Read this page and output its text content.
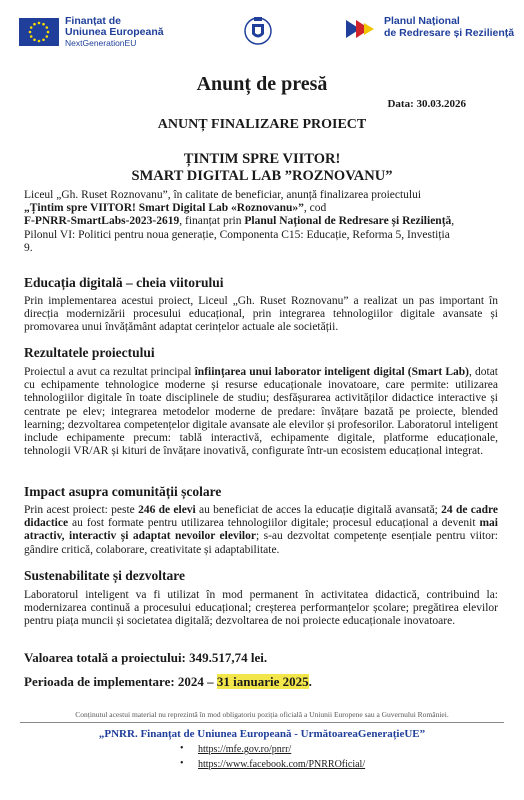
Finanțat de
Uniunea Europeană
NextGenerationEU
Planul Național
de Redresare și Reziliență
Anunț de presă
Data: 30.03.2026
ANUNȚ FINALIZARE PROIECT
ȚINTIM SPRE VIITOR!
SMART DIGITAL LAB ”ROZNOVANU”
Liceul „Gh. Ruset Roznovanu”, în calitate de beneficiar, anunță finalizarea proiectului
„Țintim spre VIITOR! Smart Digital Lab «Roznovanu»”, cod
F-PNRR-SmartLabs-2023-2619, finanțat prin Planul Național de Redresare și Reziliență,
Pilonul VI: Politici pentru noua generație, Componenta C15: Educație, Reforma 5, Investiția
9.
Educația digitală – cheia viitorului
Prin implementarea acestui proiect, Liceul „Gh. Ruset Roznovanu” a realizat un pas important în direcția modernizării procesului educațional, prin integrarea tehnologiilor digitale avansate și promovarea unui învățământ adaptat cerințelor actuale ale societății.
Rezultatele proiectului
Proiectul a avut ca rezultat principal înființarea unui laborator inteligent digital (Smart Lab), dotat cu echipamente tehnologice moderne și resurse educaționale inovatoare, care permite: utilizarea tehnologiilor digitale în toate disciplinele de studiu; desfășurarea activităților didactice interactive și centrate pe elev; integrarea metodelor moderne de predare: învățare bazată pe proiecte, blended learning; dezvoltarea competențelor digitale avansate ale elevilor și profesorilor. Laboratorul inteligent include echipamente precum: tablă interactivă, echipamente digitale, platforme educaționale, tehnologii VR/AR și kituri de învățare inovativă, configurate într-un ecosistem educațional integrat.
Impact asupra comunității școlare
Prin acest proiect: peste 246 de elevi au beneficiat de acces la educație digitală avansată; 24 de cadre didactice au fost formate pentru utilizarea tehnologiilor digitale; procesul educațional a devenit mai atractiv, interactiv și adaptat nevoilor elevilor; s-au dezvoltat competențe esențiale pentru viitor: gândire critică, colaborare, creativitate și adaptabilitate.
Sustenabilitate și dezvoltare
Laboratorul inteligent va fi utilizat în mod permanent în activitatea didactică, contribuind la: modernizarea continuă a procesului educațional; creșterea performanțelor școlare; pregătirea elevilor pentru piața muncii și societatea digitală; dezvoltarea de noi proiecte educaționale inovatoare.
Valoarea totală a proiectului: 349.517,74 lei.
Perioada de implementare: 2024 – 31 ianuarie 2025.
Conținutul acestui material nu reprezintă în mod obligatoriu poziția oficială a Uniunii Europene sau a Guvernului României.
„PNRR. Finanțat de Uniunea Europeană - UrmătoareaGenerațieUE”
• https://mfe.gov.ro/pnrr/
• https://www.facebook.com/PNRROficial/
